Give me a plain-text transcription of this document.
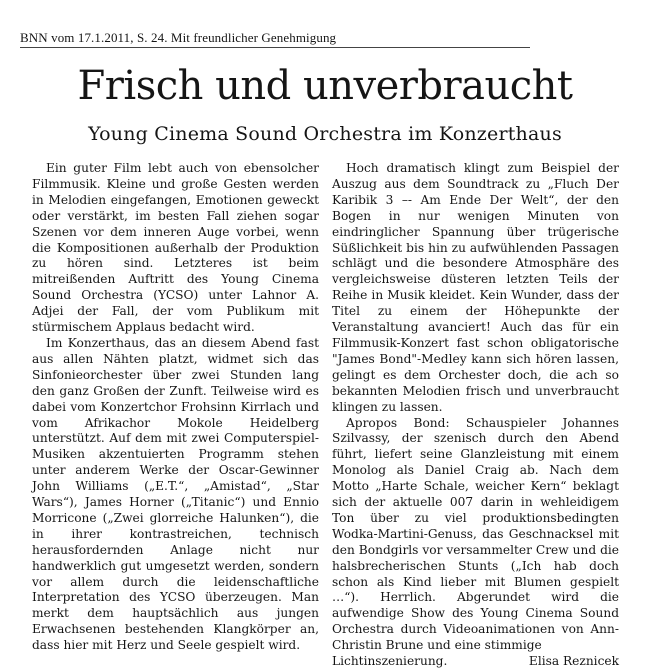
BNN vom 17.1.2011, S. 24. Mit freundlicher Genehmigung
Frisch und unverbraucht
Young Cinema Sound Orchestra im Konzerthaus

Ein guter Film lebt auch von ebensolcher Filmmusik. Kleine und große Gesten werden in Melodien eingefangen, Emotionen geweckt oder verstärkt, im besten Fall ziehen sogar Szenen vor dem inneren Auge vorbei, wenn die Kompositionen außerhalb der Produktion zu hören sind. Letzteres ist beim mitreißenden Auftritt des Young Cinema Sound Orchestra (YCSO) unter Lahnor A. Adjei der Fall, der vom Publikum mit stürmischem Applaus bedacht wird.

Im Konzerthaus, das an diesem Abend fast aus allen Nähten platzt, widmet sich das Sinfonieorchester über zwei Stunden lang den ganz Großen der Zunft. Teilweise wird es dabei vom Konzertchor Frohsinn Kirrlach und vom Afrikachor Mokole Heidelberg unterstützt. Auf dem mit zwei Computerspiel-Musiken akzentuierten Programm stehen unter anderem Werke der Oscar-Gewinner John Williams („E.T.“, „Amistad“, „Star Wars“), James Horner („Titanic“) und Ennio Morricone („Zwei glorreiche Halunken“), die in ihrer kontrastreichen, technisch herausfordernden Anlage nicht nur handwerklich gut umgesetzt werden, sondern vor allem durch die leidenschaftliche Interpretation des YCSO überzeugen. Man merkt dem hauptsächlich aus jungen Erwachsenen bestehenden Klangkörper an, dass hier mit Herz und Seele gespielt wird.

Hoch dramatisch klingt zum Beispiel der Auszug aus dem Soundtrack zu „Fluch Der Karibik 3 –- Am Ende Der Welt“, der den Bogen in nur wenigen Minuten von eindringlicher Spannung über trügerische Süßlichkeit bis hin zu aufwühlenden Passagen schlägt und die besondere Atmosphäre des vergleichsweise düsteren letzten Teils der Reihe in Musik kleidet. Kein Wunder, dass der Titel zu einem der Höhepunkte der Veranstaltung avanciert! Auch das für ein Filmmusik-Konzert fast schon obligatorische "James Bond"-Medley kann sich hören lassen, gelingt es dem Orchester doch, die ach so bekannten Melodien frisch und unverbraucht klingen zu lassen.

Apropos Bond: Schauspieler Johannes Szilvassy, der szenisch durch den Abend führt, liefert seine Glanzleistung mit einem Monolog als Daniel Craig ab. Nach dem Motto „Harte Schale, weicher Kern“ beklagt sich der aktuelle 007 darin in wehleidigem Ton über zu viel produktionsbedingten Wodka-Martini-Genuss, das Geschnacksel mit den Bondgirls vor versammelter Crew und die halsbrecherischen Stunts („Ich hab doch schon als Kind lieber mit Blumen gespielt …“). Herrlich. Abgerundet wird die aufwendige Show des Young Cinema Sound Orchestra durch Videoanimationen von Ann-Christin Brune und eine stimmige

Lichtinszenierung.	Elisa Reznicek
